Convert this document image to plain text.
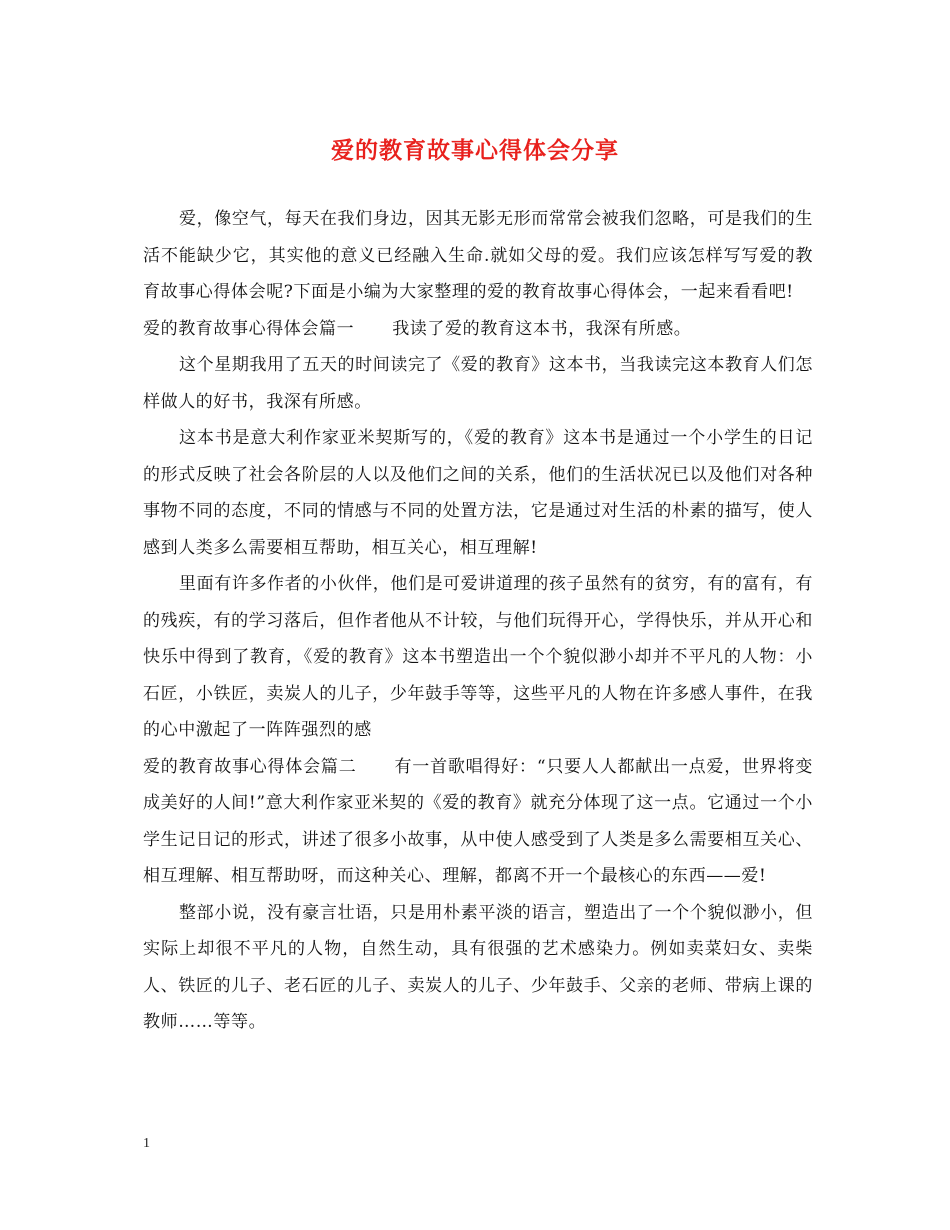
爱的教育故事心得体会分享

爱，像空气，每天在我们身边，因其无影无形而常常会被我们忽略，可是我们的生活不能缺少它，其实他的意义已经融入生命.就如父母的爱。我们应该怎样写写爱的教育故事心得体会呢?下面是小编为大家整理的爱的教育故事心得体会，一起来看看吧!

爱的教育故事心得体会篇一 我读了爱的教育这本书，我深有所感。

这个星期我用了五天的时间读完了《爱的教育》这本书，当我读完这本教育人们怎样做人的好书，我深有所感。

这本书是意大利作家亚米契斯写的，《爱的教育》这本书是通过一个小学生的日记的形式反映了社会各阶层的人以及他们之间的关系，他们的生活状况已以及他们对各种事物不同的态度，不同的情感与不同的处置方法，它是通过对生活的朴素的描写，使人感到人类多么需要相互帮助，相互关心，相互理解!

里面有许多作者的小伙伴，他们是可爱讲道理的孩子虽然有的贫穷，有的富有，有的残疾，有的学习落后，但作者他从不计较，与他们玩得开心，学得快乐，并从开心和快乐中得到了教育，《爱的教育》这本书塑造出一个个貌似渺小却并不平凡的人物：小石匠，小铁匠，卖炭人的儿子，少年鼓手等等，这些平凡的人物在许多感人事件，在我的心中激起了一阵阵强烈的感

爱的教育故事心得体会篇二 有一首歌唱得好：“只要人人都献出一点爱，世界将变成美好的人间!”意大利作家亚米契的《爱的教育》就充分体现了这一点。它通过一个小学生记日记的形式，讲述了很多小故事，从中使人感受到了人类是多么需要相互关心、相互理解、相互帮助呀，而这种关心、理解，都离不开一个最核心的东西——爱!

整部小说，没有豪言壮语，只是用朴素平淡的语言，塑造出了一个个貌似渺小，但实际上却很不平凡的人物，自然生动，具有很强的艺术感染力。例如卖菜妇女、卖柴人、铁匠的儿子、老石匠的儿子、卖炭人的儿子、少年鼓手、父亲的老师、带病上课的教师……等等。

1
